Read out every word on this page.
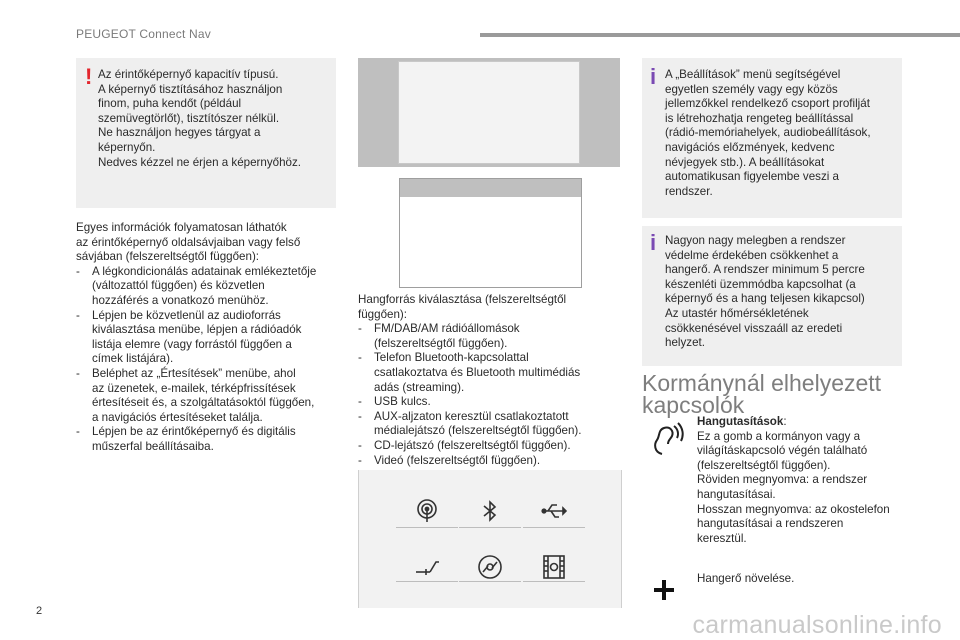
PEUGEOT Connect Nav
! Az érintőképernyő kapacitív típusú.

A képernyő tisztításához használjon

finom, puha kendőt (például

szemüvegtörlőt), tisztítószer nélkül.

Ne használjon hegyes tárgyat a

képernyőn.

Nedves kézzel ne érjen a képernyőhöz.

Egyes információk folyamatosan láthatók

az érintőképernyő oldalsávjaiban vagy felső

sávjában (felszereltségtől függően):

- A légkondicionálás adatainak emlékeztetője

(változattól függően) és közvetlen

hozzáférés a vonatkozó menühöz.

- Lépjen be közvetlenül az audioforrás

kiválasztása menübe, lépjen a rádióadók

listája elemre (vagy forrástól függően a

címek listájára).

- Beléphet az „Értesítések” menübe, ahol

az üzenetek, e-mailek, térképfrissítések

értesítéseit és, a szolgáltatásoktól függően,

a navigációs értesítéseket találja.

- Lépjen be az érintőképernyő és digitális

műszerfal beállításaiba.

Hangforrás kiválasztása (felszereltségtől

függően):

- FM/DAB/AM rádióállomások

(felszereltségtől függően).

- Telefon Bluetooth-kapcsolattal

csatlakoztatva és Bluetooth multimédiás

adás (streaming).

- USB kulcs.

- AUX-aljzaton keresztül csatlakoztatott

médialejátszó (felszereltségtől függően).

- CD-lejátszó (felszereltségtől függően).

- Videó (felszereltségtől függően).

i A „Beállítások” menü segítségével

egyetlen személy vagy egy közös

jellemzőkkel rendelkező csoport profilját

is létrehozhatja rengeteg beállítással

(rádió-memóriahelyek, audiobeállítások,

navigációs előzmények, kedvenc

névjegyek stb.). A beállításokat

automatikusan figyelembe veszi a

rendszer.

i Nagyon nagy melegben a rendszer

védelme érdekében csökkenhet a

hangerő. A rendszer minimum 5 percre

készenléti üzemmódba kapcsolhat (a

képernyő és a hang teljesen kikapcsol)

Az utastér hőmérsékletének

csökkenésével visszaáll az eredeti

helyzet.

Kormánynál elhelyezett
kapcsolók

Hangutasítások:

Ez a gomb a kormányon vagy a

világításkapcsoló végén található

(felszereltségtől függően).

Röviden megnyomva: a rendszer

hangutasításai.

Hosszan megnyomva: az okostelefon

hangutasításai a rendszeren

keresztül.

Hangerő növelése.
2	carmanualsonline.info
